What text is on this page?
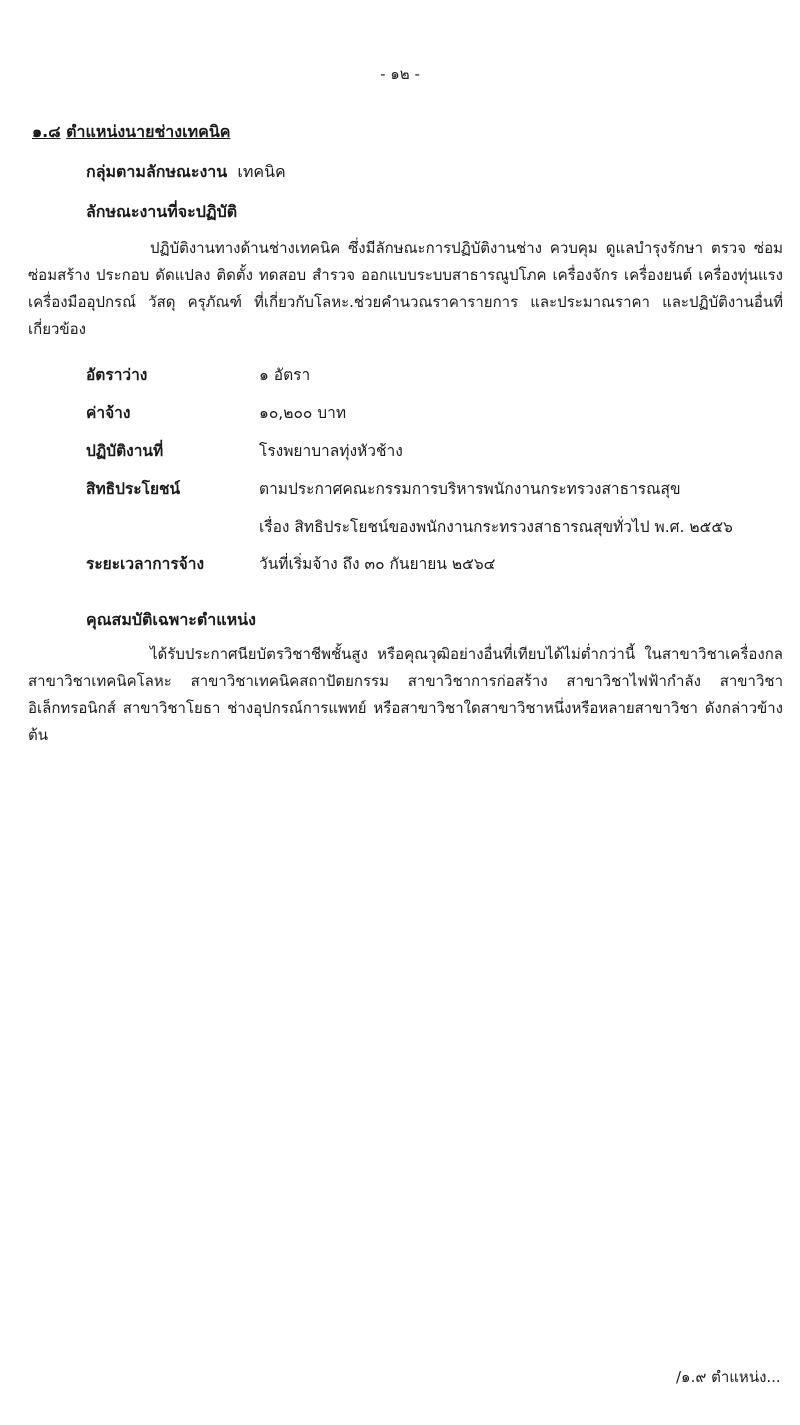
- ๑๒ -
๑.๘ ตำแหน่งนายช่างเทคนิค
กลุ่มตามลักษณะงาน เทคนิค
ลักษณะงานที่จะปฏิบัติ
ปฏิบัติงานทางด้านช่างเทคนิค ซึ่งมีลักษณะการปฏิบัติงานช่าง ควบคุม ดูแลบำรุงรักษา ตรวจ ซ่อม ซ่อมสร้าง ประกอบ ดัดแปลง ติดตั้ง ทดสอบ สำรวจ ออกแบบระบบสาธารณูปโภค เครื่องจักร เครื่องยนต์ เครื่องทุ่นแรง เครื่องมืออุปกรณ์ วัสดุ ครุภัณฑ์ ที่เกี่ยวกับโลหะ.ช่วยคำนวณราคารายการ และประมาณราคา และปฏิบัติงานอื่นที่เกี่ยวข้อง
อัตราว่าง	๑ อัตรา
ค่าจ้าง	๑๐,๒๐๐ บาท
ปฏิบัติงานที่	โรงพยาบาลทุ่งหัวช้าง
สิทธิประโยชน์	ตามประกาศคณะกรรมการบริหารพนักงานกระทรวงสาธารณสุข
เรื่อง สิทธิประโยชน์ของพนักงานกระทรวงสาธารณสุขทั่วไป พ.ศ. ๒๕๕๖
ระยะเวลาการจ้าง	วันที่เริ่มจ้าง ถึง ๓๐ กันยายน ๒๕๖๔
คุณสมบัติเฉพาะตำแหน่ง
ได้รับประกาศนียบัตรวิชาชีพชั้นสูง หรือคุณวุฒิอย่างอื่นที่เทียบได้ไม่ต่ำกว่านี้ ในสาขาวิชาเครื่องกล สาขาวิชาเทคนิคโลหะ สาขาวิชาเทคนิคสถาปัตยกรรม สาขาวิชาการก่อสร้าง สาขาวิชาไฟฟ้ากำลัง สาขาวิชาอิเล็กทรอนิกส์ สาขาวิชาโยธา ช่างอุปกรณ์การแพทย์ หรือสาขาวิชาใดสาขาวิชาหนึ่งหรือหลายสาขาวิชา ดังกล่าวข้างต้น
/๑.๙ ตำแหน่ง...
